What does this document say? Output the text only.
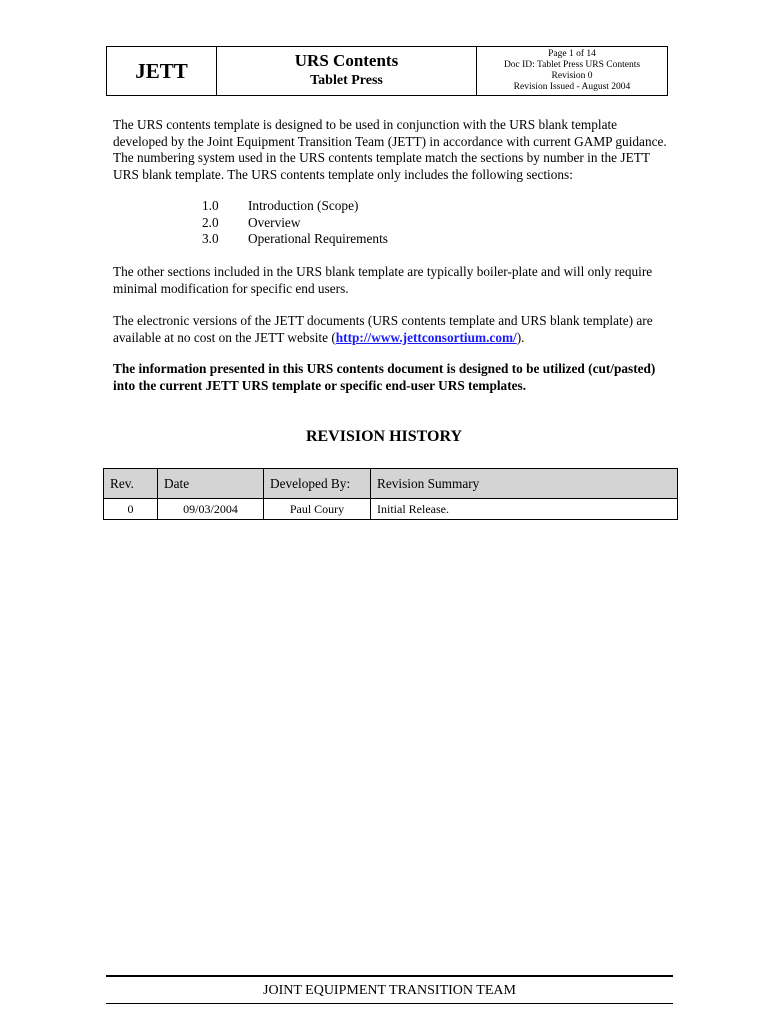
JETT	URS Contents
Tablet Press
Page 1 of 14
Doc ID: Tablet Press URS Contents
Revision 0
Revision Issued - August 2004

The URS contents template is designed to be used in conjunction with the URS blank template developed by the Joint Equipment Transition Team (JETT) in accordance with current GAMP guidance. The numbering system used in the URS contents template match the sections by number in the JETT URS blank template. The URS contents template only includes the following sections:

1.0	Introduction (Scope)
2.0	Overview
3.0	Operational Requirements

The other sections included in the URS blank template are typically boiler-plate and will only require minimal modification for specific end users.

The electronic versions of the JETT documents (URS contents template and URS blank template) are available at no cost on the JETT website (http://www.jettconsortium.com/).

The information presented in this URS contents document is designed to be utilized (cut/pasted) into the current JETT URS template or specific end-user URS templates.

REVISION HISTORY
Rev.	Date	Developed By:	Revision Summary
0	09/03/2004	Paul Coury	Initial Release.
JOINT EQUIPMENT TRANSITION TEAM
